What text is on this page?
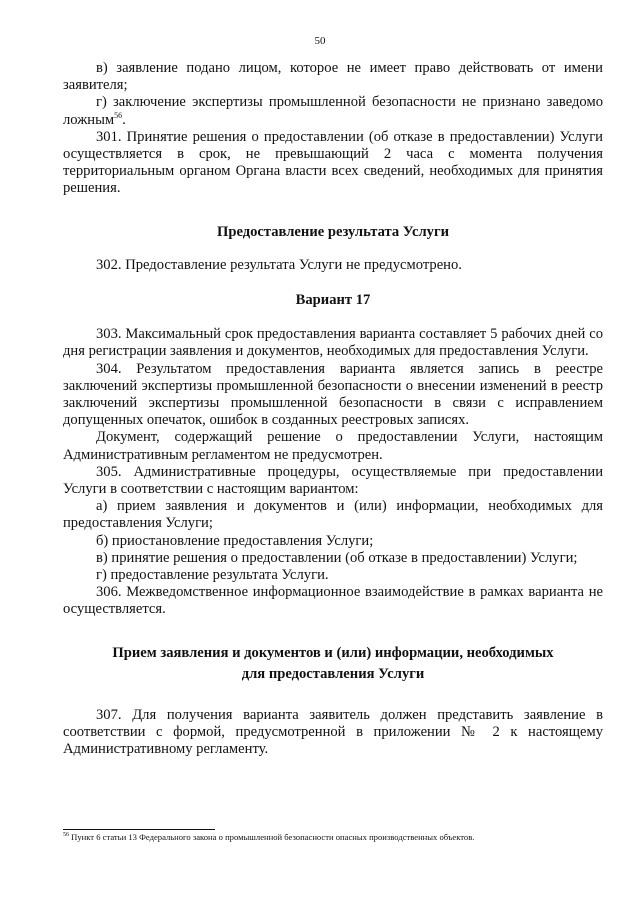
50

в) заявление подано лицом, которое не имеет право действовать от имени заявителя;

г) заключение экспертизы промышленной безопасности не признано заведомо ложным$^{56}$.

301. Принятие решения о предоставлении (об отказе в предоставлении) Услуги осуществляется в срок, не превышающий 2 часа с момента получения территориальным органом Органа власти всех сведений, необходимых для принятия решения.

Предоставление результата Услуги

302. Предоставление результата Услуги не предусмотрено.

Вариант 17

303. Максимальный срок предоставления варианта составляет 5 рабочих дней со дня регистрации заявления и документов, необходимых для предоставления Услуги.

304. Результатом предоставления варианта является запись в реестре заключений экспертизы промышленной безопасности о внесении изменений в реестр заключений экспертизы промышленной безопасности в связи с исправлением допущенных опечаток, ошибок в созданных реестровых записях.

Документ, содержащий решение о предоставлении Услуги, настоящим Административным регламентом не предусмотрен.

305. Административные процедуры, осуществляемые при предоставлении Услуги в соответствии с настоящим вариантом:

а) прием заявления и документов и (или) информации, необходимых для предоставления Услуги;

б) приостановление предоставления Услуги;

в) принятие решения о предоставлении (об отказе в предоставлении) Услуги;

г) предоставление результата Услуги.

306. Межведомственное информационное взаимодействие в рамках варианта не осуществляется.

Прием заявления и документов и (или) информации, необходимых
для предоставления Услуги

307. Для получения варианта заявитель должен представить заявление в соответствии с формой, предусмотренной в приложении № 2 к настоящему Административному регламенту.

$^{56}$ Пункт 6 статьи 13 Федерального закона о промышленной безопасности опасных производственных объектов.
